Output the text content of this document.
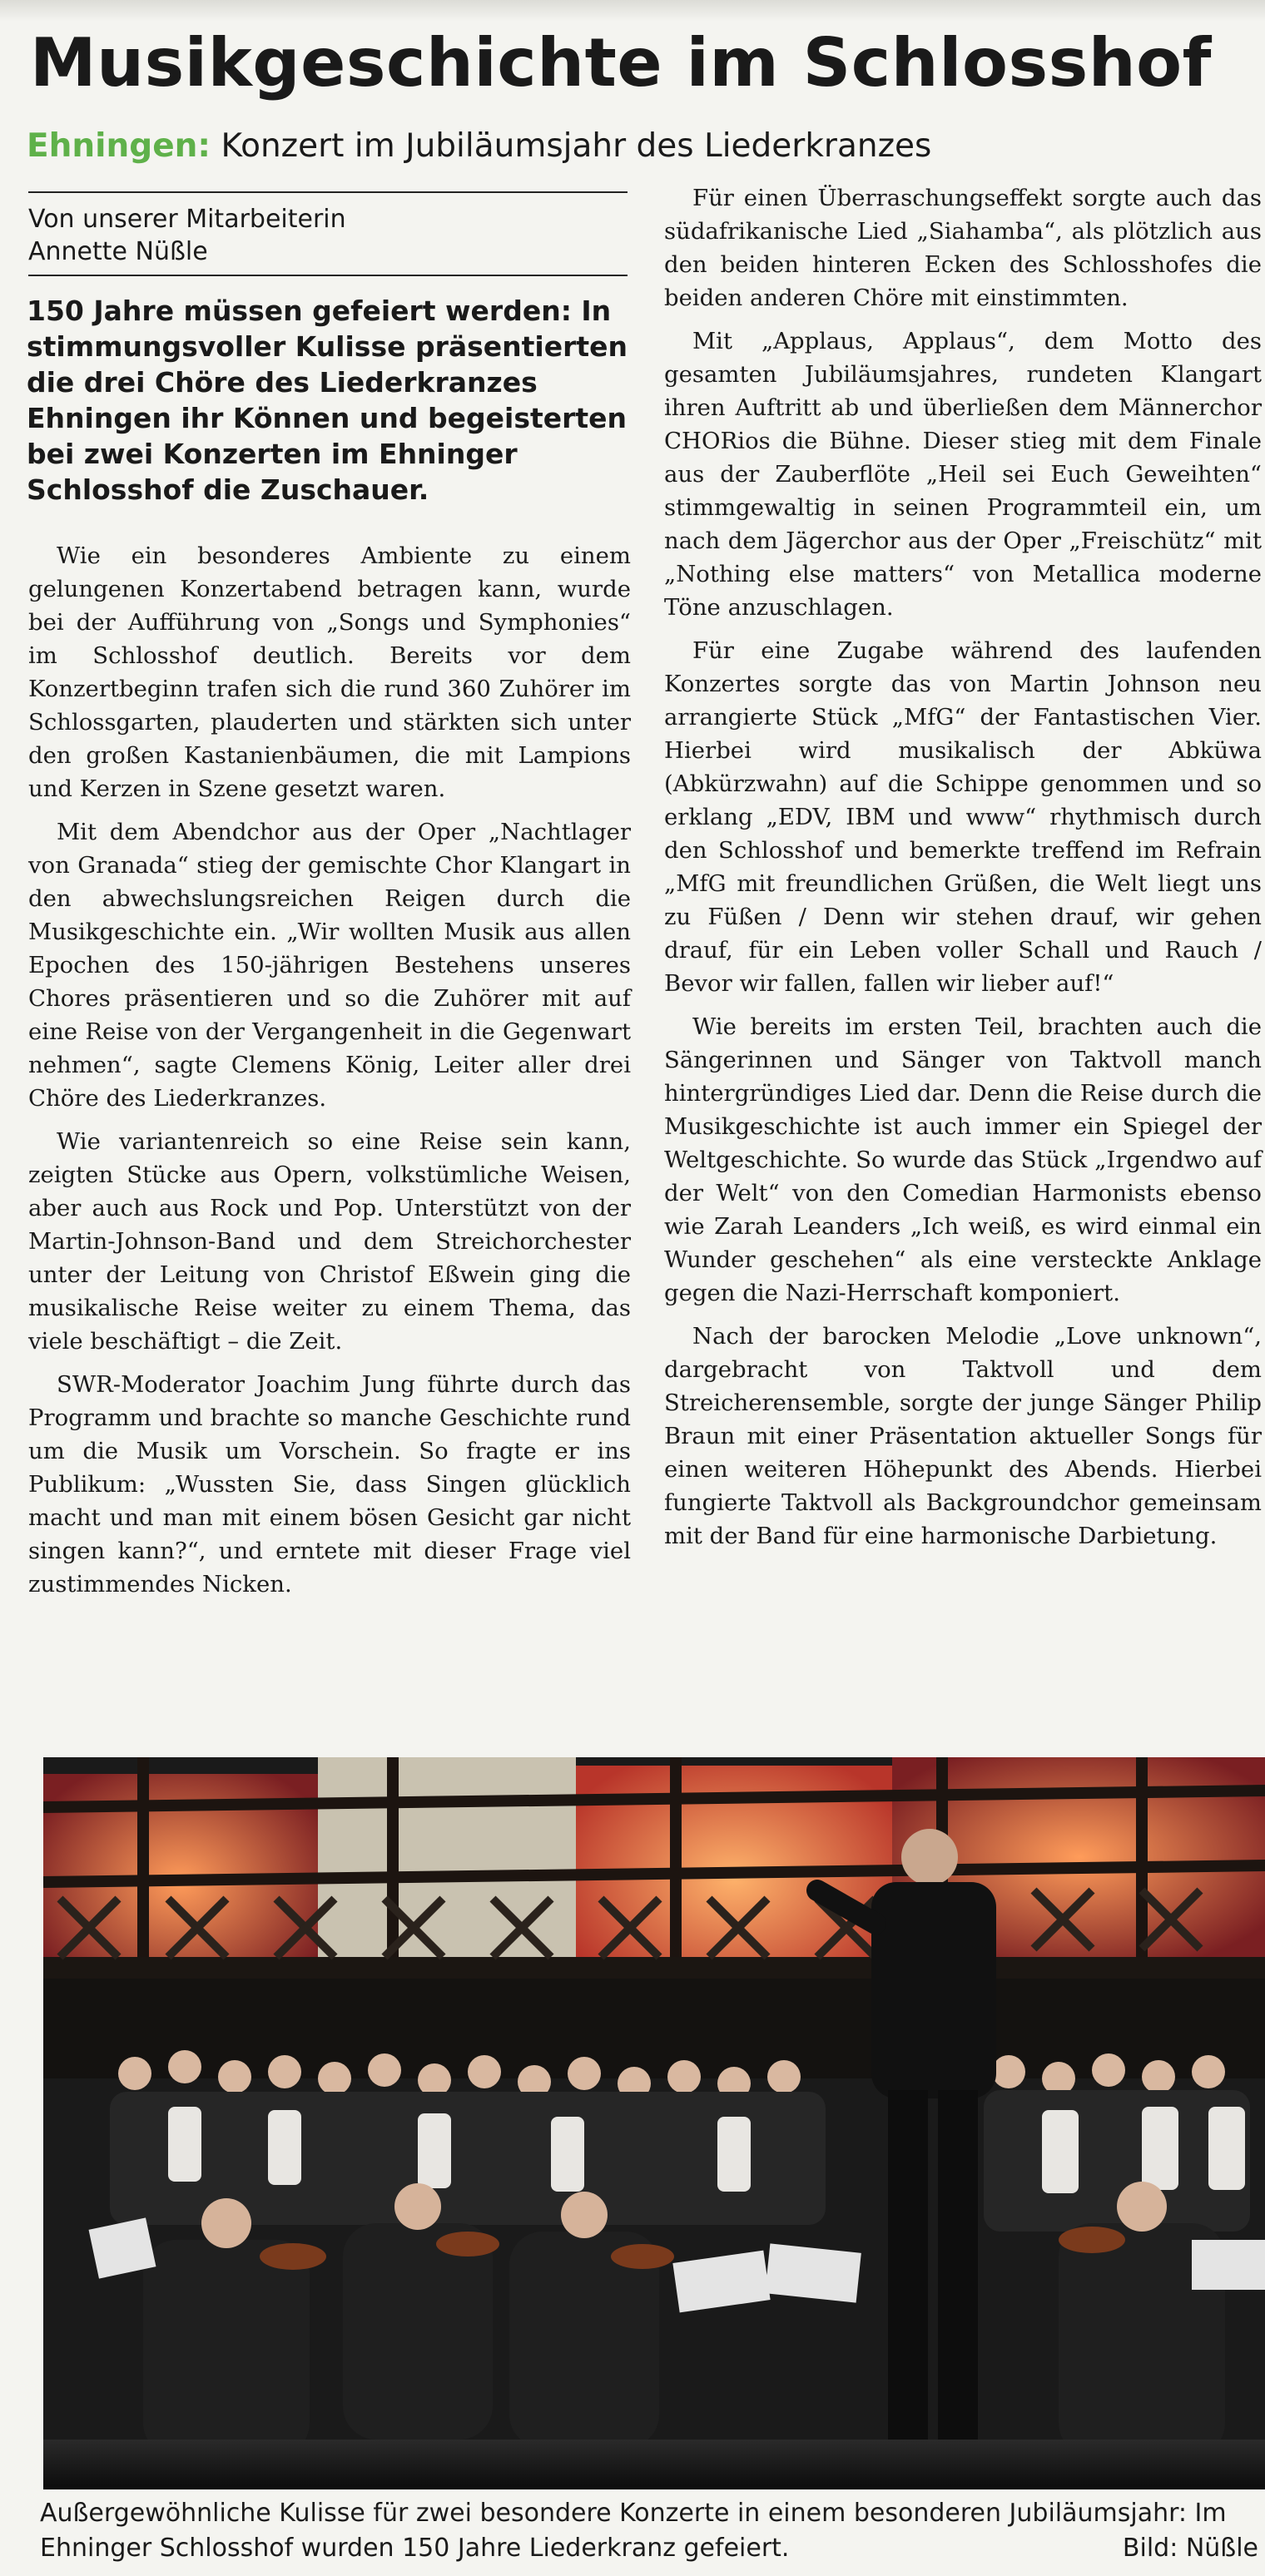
Musikgeschichte im Schlosshof
Ehningen: Konzert im Jubiläumsjahr des Liederkranzes
Von unserer Mitarbeiterin
Annette Nüßle
150 Jahre müssen gefeiert werden: In stimmungsvoller Kulisse präsentierten die drei Chöre des Liederkranzes Ehningen ihr Können und begeisterten bei zwei Konzerten im Ehninger Schlosshof die Zuschauer.

Wie ein besonderes Ambiente zu einem gelungenen Konzertabend betragen kann, wurde bei der Aufführung von „Songs und Symphonies“ im Schlosshof deutlich. Bereits vor dem Konzertbeginn trafen sich die rund 360 Zuhörer im Schlossgarten, plauderten und stärkten sich unter den großen Kastanienbäumen, die mit Lampions und Kerzen in Szene gesetzt waren.

Mit dem Abendchor aus der Oper „Nachtlager von Granada“ stieg der gemischte Chor Klangart in den abwechslungsreichen Reigen durch die Musikgeschichte ein. „Wir wollten Musik aus allen Epochen des 150-jährigen Bestehens unseres Chores präsentieren und so die Zuhörer mit auf eine Reise von der Vergangenheit in die Gegenwart nehmen“, sagte Clemens König, Leiter aller drei Chöre des Liederkranzes.

Wie variantenreich so eine Reise sein kann, zeigten Stücke aus Opern, volkstümliche Weisen, aber auch aus Rock und Pop. Unterstützt von der Martin-Johnson-Band und dem Streichorchester unter der Leitung von Christof Eßwein ging die musikalische Reise weiter zu einem Thema, das viele beschäftigt – die Zeit.

SWR-Moderator Joachim Jung führte durch das Programm und brachte so manche Geschichte rund um die Musik um Vorschein. So fragte er ins Publikum: „Wussten Sie, dass Singen glücklich macht und man mit einem bösen Gesicht gar nicht singen kann?“, und erntete mit dieser Frage viel zustimmendes Nicken.

Für einen Überraschungseffekt sorgte auch das südafrikanische Lied „Siahamba“, als plötzlich aus den beiden hinteren Ecken des Schlosshofes die beiden anderen Chöre mit einstimmten.

Mit „Applaus, Applaus“, dem Motto des gesamten Jubiläumsjahres, rundeten Klangart ihren Auftritt ab und überließen dem Männerchor CHORios die Bühne. Dieser stieg mit dem Finale aus der Zauberflöte „Heil sei Euch Geweihten“ stimmgewaltig in seinen Programmteil ein, um nach dem Jägerchor aus der Oper „Freischütz“ mit „Nothing else matters“ von Metallica moderne Töne anzuschlagen.

Für eine Zugabe während des laufenden Konzertes sorgte das von Martin Johnson neu arrangierte Stück „MfG“ der Fantastischen Vier. Hierbei wird musikalisch der Abküwa (Abkürzwahn) auf die Schippe genommen und so erklang „EDV, IBM und www“ rhythmisch durch den Schlosshof und bemerkte treffend im Refrain „MfG mit freundlichen Grüßen, die Welt liegt uns zu Füßen / Denn wir stehen drauf, wir gehen drauf, für ein Leben voller Schall und Rauch / Bevor wir fallen, fallen wir lieber auf!“

Wie bereits im ersten Teil, brachten auch die Sängerinnen und Sänger von Taktvoll manch hintergründiges Lied dar. Denn die Reise durch die Musikgeschichte ist auch immer ein Spiegel der Weltgeschichte. So wurde das Stück „Irgendwo auf der Welt“ von den Comedian Harmonists ebenso wie Zarah Leanders „Ich weiß, es wird einmal ein Wunder geschehen“ als eine versteckte Anklage gegen die Nazi-Herrschaft komponiert.

Nach der barocken Melodie „Love unknown“, dargebracht von Taktvoll und dem Streicherensemble, sorgte der junge Sänger Philip Braun mit einer Präsentation aktueller Songs für einen weiteren Höhepunkt des Abends. Hierbei fungierte Taktvoll als Backgroundchor gemeinsam mit der Band für eine harmonische Darbietung.

Außergewöhnliche Kulisse für zwei besondere Konzerte in einem besonderen Jubiläumsjahr: Im Ehninger Schlosshof wurden 150 Jahre Liederkranz gefeiert.	Bild: Nüßle
